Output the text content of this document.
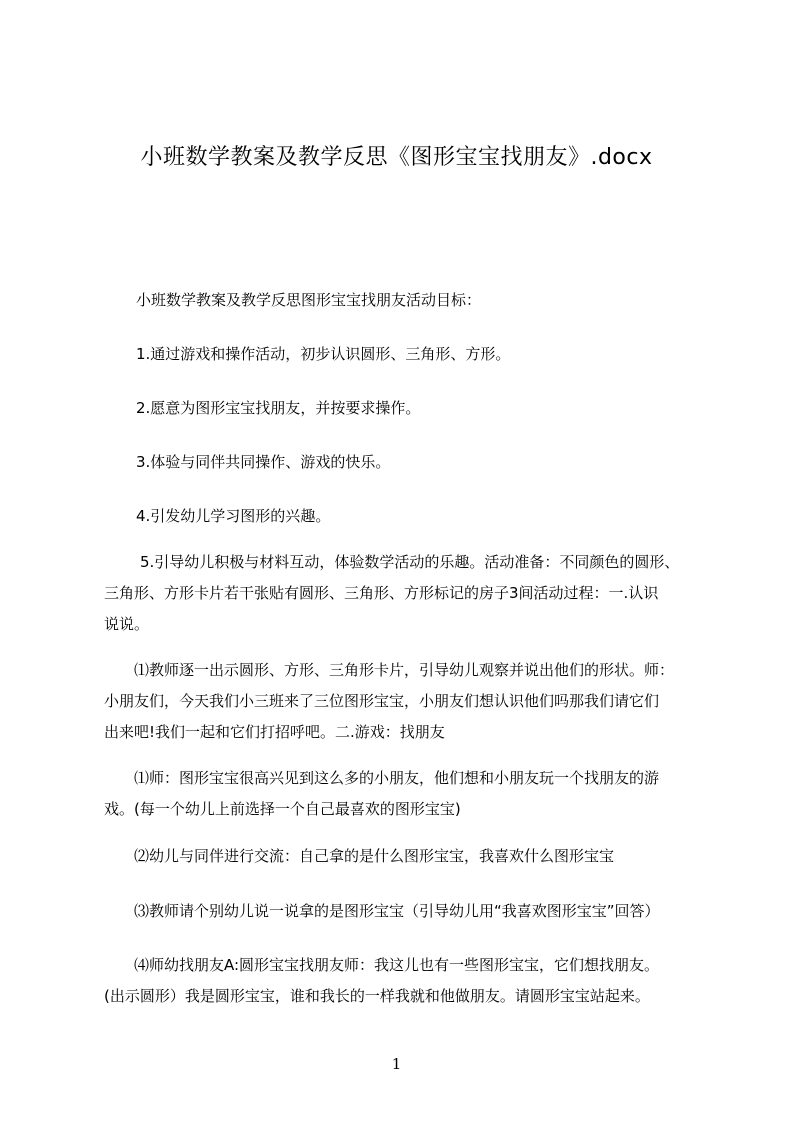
小班数学教案及教学反思《图形宝宝找朋友》.docx
小班数学教案及教学反思图形宝宝找朋友活动目标：
1.通过游戏和操作活动，初步认识圆形、三角形、方形。
2.愿意为图形宝宝找朋友，并按要求操作。
3.体验与同伴共同操作、游戏的快乐。
4.引发幼儿学习图形的兴趣。
5.引导幼儿积极与材料互动，体验数学活动的乐趣。活动准备：不同颜色的圆形、
三角形、方形卡片若干张贴有圆形、三角形、方形标记的房子3间活动过程：一.认识
说说。
⑴教师逐一出示圆形、方形、三角形卡片，引导幼儿观察并说出他们的形状。师：
小朋友们，今天我们小三班来了三位图形宝宝，小朋友们想认识他们吗那我们请它们
出来吧!我们一起和它们打招呼吧。二.游戏：找朋友
⑴师：图形宝宝很高兴见到这么多的小朋友，他们想和小朋友玩一个找朋友的游
戏。(每一个幼儿上前选择一个自己最喜欢的图形宝宝)
⑵幼儿与同伴进行交流：自己拿的是什么图形宝宝，我喜欢什么图形宝宝
⑶教师请个别幼儿说一说拿的是图形宝宝（引导幼儿用“我喜欢图形宝宝”回答）
⑷师幼找朋友A:圆形宝宝找朋友师：我这儿也有一些图形宝宝，它们想找朋友。
(出示圆形）我是圆形宝宝，谁和我长的一样我就和他做朋友。请圆形宝宝站起来。
1
